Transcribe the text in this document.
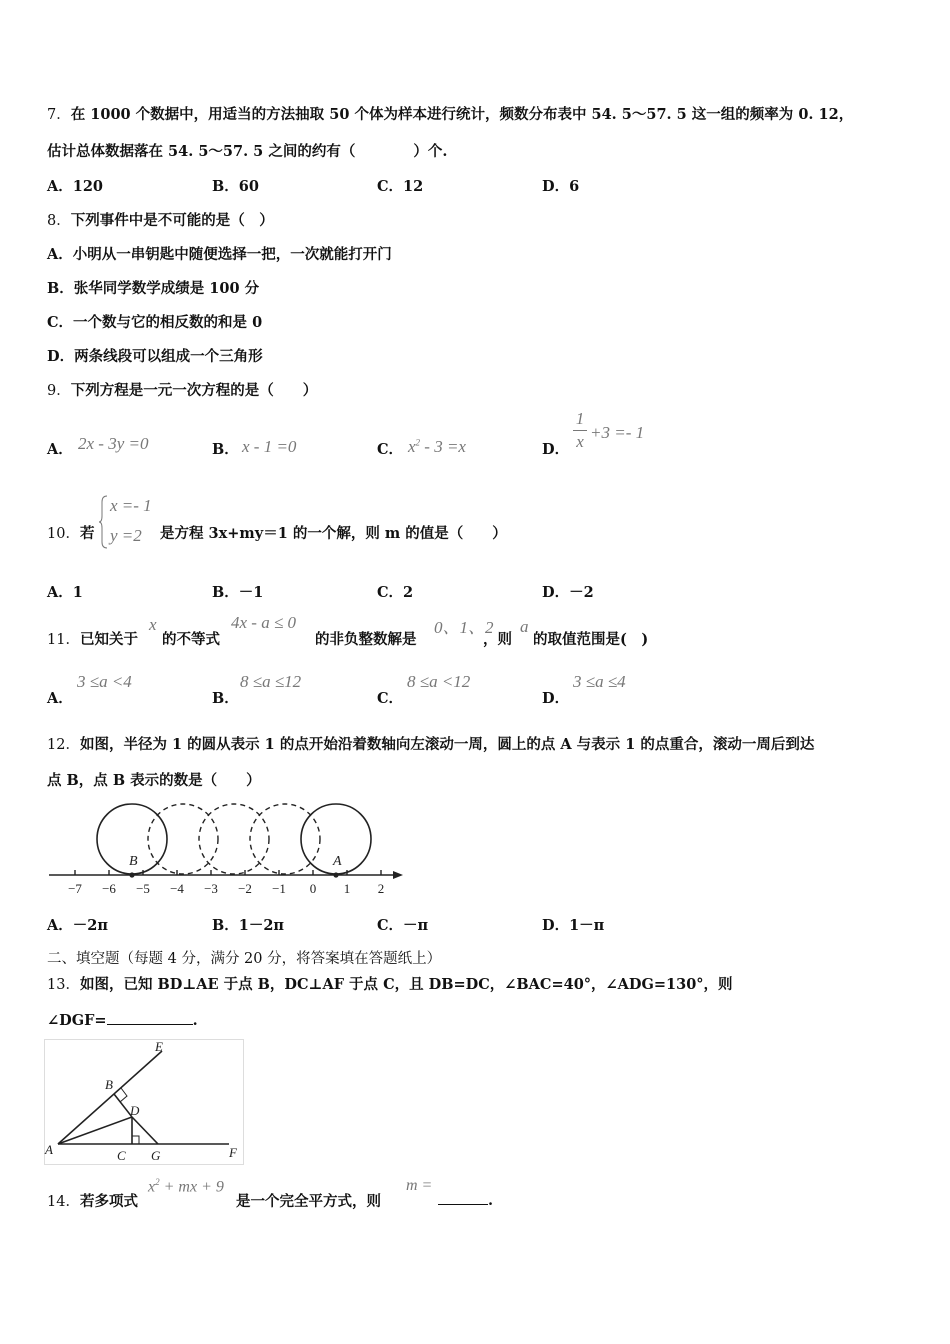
7．在 1000 个数据中，用适当的方法抽取 50 个体为样本进行统计，频数分布表中 54. 5～57. 5 这一组的频率为 0. 12，
估计总体数据落在 54. 5～57. 5 之间的约有（　　　　）个.
A．120	B．60	C．12	D．6
8．下列事件中是不可能的是（　）
A．小明从一串钥匙中随便选择一把，一次就能打开门
B．张华同学数学成绩是 100 分
C．一个数与它的相反数的和是 0
D．两条线段可以组成一个三角形
9．下列方程是一元一次方程的是（　　）
A． 2x - 3y =0	B． x - 1 =0	C． $x^2 - 3 =x$	D．
1
x +3 =- 1
10．若
x =- 1
y =2 是方程 3x+my＝1 的一个解，则 m 的值是（　　）
A．1	B．－1	C．2	D．－2
11．已知关于
x
的不等式
4x - a ≤ 0
的非负整数解是
0、1、2
，则
a
的取值范围是(　)
A．
3 ≤a <4
B．
8 ≤a ≤12
C．
8 ≤a <12
D．
3 ≤a ≤4
12．如图，半径为 1 的圆从表示 1 的点开始沿着数轴向左滚动一周，圆上的点 A 与表示 1 的点重合，滚动一周后到达
点 B，点 B 表示的数是（　　）
−7 −6 −5 −4 −3 −2 −1 0 1 2
B	A
A．－2π	B．1－2π	C．－π	D．1－π
二、填空题（每题 4 分，满分 20 分，将答案填在答题纸上）
13．如图，已知 BD⊥AE 于点 B，DC⊥AF 于点 C，且 DB=DC，∠BAC=40°，∠ADG=130°，则
∠DGF=	.
A
B
C
D
E
F
G
14．若多项式
$x^2$ + mx + 9
是一个完全平方式，则
m =
.
